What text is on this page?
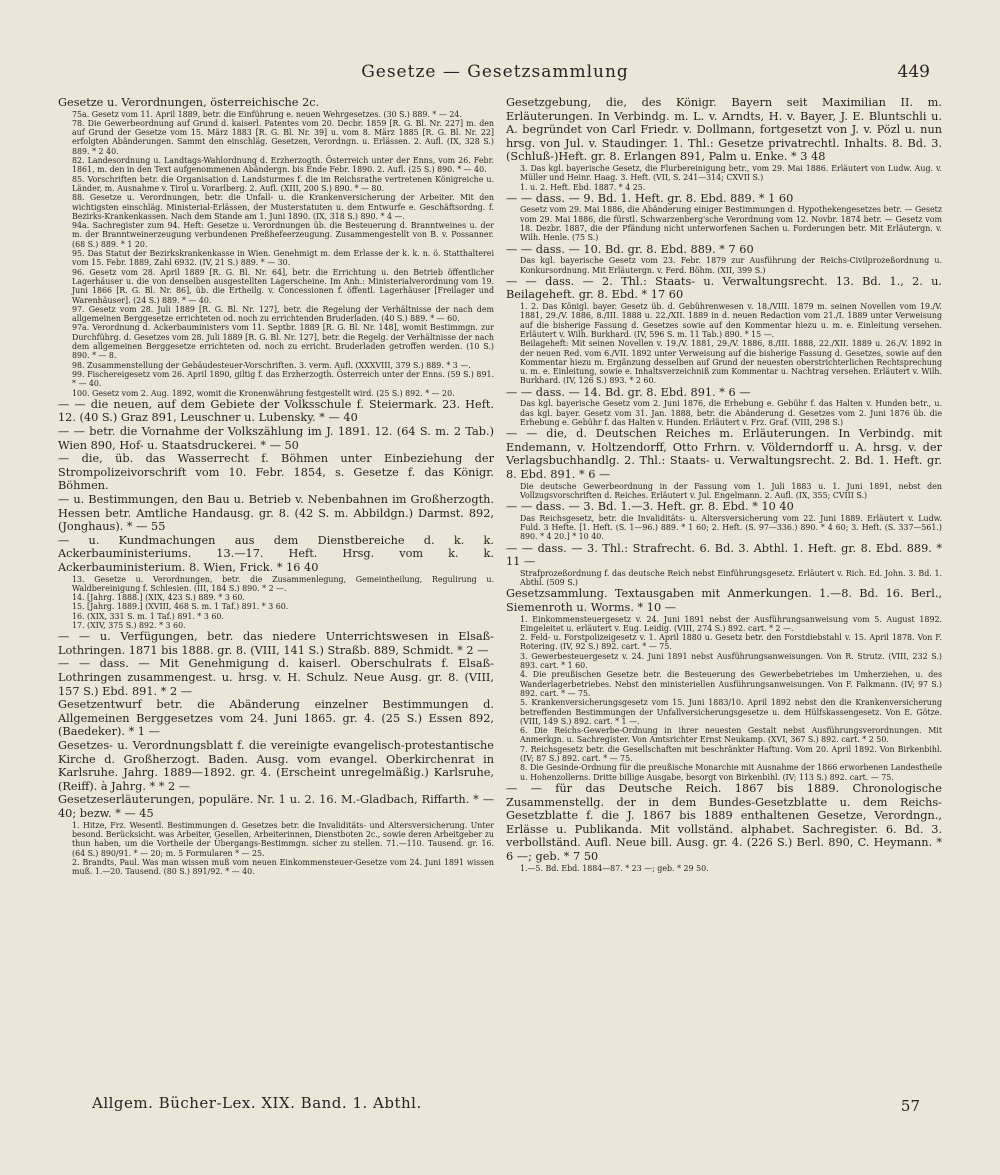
Gesetze — Gesetzsammlung	449

Gesetze u. Verordnungen, österreichische 2c.

75a. Gesetz vom 11. April 1889, betr. die Einführung e. neuen Wehrgesetzes. (30 S.) 889. * — 24.

78. Die Gewerbeordnung auf Grund d. kaiserl. Patentes vom 20. Decbr. 1859 [R. G. Bl. Nr. 227] m. den auf Grund der Gesetze vom 15. März 1883 [R. G. Bl. Nr. 39] u. vom 8. März 1885 [R. G. Bl. Nr. 22] erfolgten Abänderungen. Sammt den einschläg. Gesetzen, Verordngn. u. Erlässen. 2. Aufl. (IX, 328 S.) 889. * 2 40.

82. Landesordnung u. Landtags-Wahlordnung d. Erzherzogth. Österreich unter der Enns, vom 26. Febr. 1861, m. den in den Text aufgenommenen Abändergn. bis Ende Febr. 1890. 2. Aufl. (25 S.) 890. * — 40.

85. Vorschriften betr. die Organisation d. Landsturmes f. die im Reichsrathe vertretenen Königreiche u. Länder, m. Ausnahme v. Tirol u. Vorarlberg. 2. Aufl. (XIII, 200 S.) 890. * — 80.

88. Gesetze u. Verordnungen, betr. die Unfall- u. die Krankenversicherung der Arbeiter. Mit den wichtigsten einschläg. Ministerial-Erlässen, der Musterstatuten u. dem Entwurfe e. Geschäftsordng. f. Bezirks-Krankenkassen. Nach dem Stande am 1. Juni 1890. (IX, 318 S.) 890. * 4 —.

94a. Sachregister zum 94. Heft: Gesetze u. Verordnungen üb. die Besteuerung d. Branntweines u. der m. der Branntweinerzeugung verbundenen Preßhefeerzeugung. Zusammengestellt von B. v. Possanner. (68 S.) 889. * 1 20.

95. Das Statut der Bezirkskrankenkasse in Wien. Genehmigt m. dem Erlasse der k. k. n. ö. Statthalterei vom 15. Febr. 1889, Zahl 6932. (IV, 21 S.) 889. * — 30.

96. Gesetz vom 28. April 1889 [R. G. Bl. Nr. 64], betr. die Errichtung u. den Betrieb öffentlicher Lagerhäuser u. die von denselben ausgestellten Lagerscheine. Im Anh.: Ministerialverordnung vom 19. Juni 1866 [R. G. Bl. Nr. 86], üb. die Ertheilg. v. Concessionen f. öffentl. Lagerhäuser [Freilager und Warenhäuser]. (24 S.) 889. * — 40.

97. Gesetz vom 28. Juli 1889 [R. G. Bl. Nr. 127], betr. die Regelung der Verhältnisse der nach dem allgemeinen Berggesetze errichteten od. noch zu errichtenden Bruderladen. (40 S.) 889. * — 60.

97a. Verordnung d. Ackerbauministers vom 11. Septbr. 1889 [R. G. Bl. Nr. 148], womit Bestimmgn. zur Durchführg. d. Gesetzes vom 28. Juli 1889 [R. G. Bl. Nr. 127], betr. die Regelg. der Verhältnisse der nach dem allgemeinen Berggesetze errichteten od. noch zu erricht. Bruderladen getroffen werden. (10 S.) 890. * — 8.

98. Zusammenstellung der Gebäudesteuer-Vorschriften. 3. verm. Aufl. (XXXVIII, 379 S.) 889. * 3 —.

99. Fischereigesetz vom 26. April 1890, giltig f. das Erzherzogth. Österreich unter der Enns. (59 S.) 891. * — 40.

100. Gesetz vom 2. Aug. 1892, womit die Kronenwährung festgestellt wird. (25 S.) 892. * — 20.

— — die neuen, auf dem Gebiete der Volksschule f. Steiermark. 23. Heft. 12. (40 S.) Graz 891, Leuschner u. Lubensky. * — 40

— — betr. die Vornahme der Volkszählung im J. 1891. 12. (64 S. m. 2 Tab.) Wien 890, Hof- u. Staatsdruckerei. * — 50

— die, üb. das Wasserrecht f. Böhmen unter Einbeziehung der Strompolizeivorschrift vom 10. Febr. 1854, s. Gesetze f. das Königr. Böhmen.

— u. Bestimmungen, den Bau u. Betrieb v. Nebenbahnen im Großherzogth. Hessen betr. Amtliche Handausg. gr. 8. (42 S. m. Abbildgn.) Darmst. 892, (Jonghaus). * — 55

— u. Kundmachungen aus dem Dienstbereiche d. k. k. Ackerbauministeriums. 13.—17. Heft. Hrsg. vom k. k. Ackerbauministerium. 8. Wien, Frick. * 16 40

13. Gesetze u. Verordnungen, betr. die Zusammenlegung, Gemeintheilung, Regulirung u. Waldbereinigung f. Schlesien. (III, 184 S.) 890. * 2 —.

14. [Jahrg. 1888.] (XIX, 423 S.) 889. * 3 60.

15. [Jahrg. 1889.] (XVIII, 468 S. m. 1 Taf.) 891. * 3 60.

16. (XIX, 331 S. m. 1 Taf.) 891. * 3 60.

17. (XIV, 375 S.) 892. * 3 60.

— — u. Verfügungen, betr. das niedere Unterrichtswesen in Elsaß-Lothringen. 1871 bis 1888. gr. 8. (VIII, 141 S.) Straßb. 889, Schmidt. * 2 —

— — dass. — Mit Genehmigung d. kaiserl. Oberschulrats f. Elsaß-Lothringen zusammengest. u. hrsg. v. H. Schulz. Neue Ausg. gr. 8. (VIII, 157 S.) Ebd. 891. * 2 —

Gesetzentwurf betr. die Abänderung einzelner Bestimmungen d. Allgemeinen Berggesetzes vom 24. Juni 1865. gr. 4. (25 S.) Essen 892, (Baedeker). * 1 —

Gesetzes- u. Verordnungsblatt f. die vereinigte evangelisch-protestantische Kirche d. Großherzogt. Baden. Ausg. vom evangel. Oberkirchenrat in Karlsruhe. Jahrg. 1889—1892. gr. 4. (Erscheint unregelmäßig.) Karlsruhe, (Reiff). à Jahrg. * * 2 —

Gesetzeserläuterungen, populäre. Nr. 1 u. 2. 16. M.-Gladbach, Riffarth. * — 40; bezw. * — 45

1. Hitze, Frz. Wesentl. Bestimmungen d. Gesetzes betr. die Invaliditäts- und Altersversicherung. Unter besond. Berücksicht. was Arbeiter, Gesellen, Arbeiterinnen, Dienstboten 2c., sowie deren Arbeitgeber zu thun haben, um die Vortheile der Übergangs-Bestimmgn. sicher zu stellen. 71.—110. Tausend. gr. 16. (64 S.) 890/91. * — 20; m. 5 Formularen * — 25.

2. Brandts, Paul. Was man wissen muß vom neuen Einkommensteuer-Gesetze vom 24. Juni 1891 wissen muß. 1.—20. Tausend. (80 S.) 891/92. * — 40.

Gesetzgebung, die, des Königr. Bayern seit Maximilian II. m. Erläuterungen. In Verbindg. m. L. v. Arndts, H. v. Bayer, J. E. Bluntschli u. A. begründet von Carl Friedr. v. Dollmann, fortgesetzt von J. v. Pözl u. nun hrsg. von Jul. v. Staudinger. 1. Thl.: Gesetze privatrechtl. Inhalts. 8. Bd. 3. (Schluß-)Heft. gr. 8. Erlangen 891, Palm u. Enke. * 3 48

3. Das kgl. bayerische Gesetz, die Flurbereinigung betr., vom 29. Mai 1886. Erläutert von Ludw. Aug. v. Müller und Heinr. Haag. 3. Heft. (VII, S. 241—314; CXVII S.)

1. u. 2. Heft. Ebd. 1887. * 4 25.

— — dass. — 9. Bd. 1. Heft. gr. 8. Ebd. 889. * 1 60

Gesetz vom 29. Mai 1886, die Abänderung einiger Bestimmungen d. Hypothekengesetzes betr. — Gesetz vom 29. Mai 1886, die fürstl. Schwarzenberg'sche Verordnung vom 12. Novbr. 1874 betr. — Gesetz vom 18. Dezbr. 1887, die der Pfändung nicht unterworfenen Sachen u. Forderungen betr. Mit Erläutergn. v. Wilh. Henle. (75 S.)

— — dass. — 10. Bd. gr. 8. Ebd. 889. * 7 60

Das kgl. bayerische Gesetz vom 23. Febr. 1879 zur Ausführung der Reichs-Civilprozeßordnung u. Konkursordnung. Mit Erläutergn. v. Ferd. Böhm. (XII, 399 S.)

— — dass. — 2. Thl.: Staats- u. Verwaltungsrecht. 13. Bd. 1., 2. u. Beilageheft. gr. 8. Ebd. * 17 60

1. 2. Das Königl. bayer. Gesetz üb. d. Gebührenwesen v. 18./VIII. 1879 m. seinen Novellen vom 19./V. 1881, 29./V. 1886, 8./III. 1888 u. 22./XII. 1889 in d. neuen Redaction vom 21./I. 1889 unter Verweisung auf die bisherige Fassung d. Gesetzes sowie auf den Kommentar hiezu u. m. e. Einleitung versehen. Erläutert v. Wilh. Burkhard. (IV, 596 S. m. 11 Tab.) 890. * 15 —.

Beilageheft: Mit seinen Novellen v. 19./V. 1881, 29./V. 1886, 8./III. 1888, 22./XII. 1889 u. 26./V. 1892 in der neuen Red. vom 6./VII. 1892 unter Verweisung auf die bisherige Fassung d. Gesetzes, sowie auf den Kommentar hiezu m. Ergänzung desselben auf Grund der neuesten oberstrichterlichen Rechtsprechung u. m. e. Einleitung, sowie e. Inhaltsverzeichniß zum Kommentar u. Nachtrag versehen. Erläutert v. Wilh. Burkhard. (IV, 126 S.) 893. * 2 60.

— — dass. — 14. Bd. gr. 8. Ebd. 891. * 6 —

Das kgl. bayerische Gesetz vom 2. Juni 1876, die Erhebung e. Gebühr f. das Halten v. Hunden betr., u. das kgl. bayer. Gesetz vom 31. Jan. 1888, betr. die Abänderung d. Gesetzes vom 2. Juni 1876 üb. die Erhebung e. Gebühr f. das Halten v. Hunden. Erläutert v. Frz. Graf. (VIII, 298 S.)

— — die, d. Deutschen Reiches m. Erläuterungen. In Verbindg. mit Endemann, v. Holtzendorff, Otto Frhrn. v. Völderndorff u. A. hrsg. v. der Verlagsbuchhandlg. 2. Thl.: Staats- u. Verwaltungsrecht. 2. Bd. 1. Heft. gr. 8. Ebd. 891. * 6 —

Die deutsche Gewerbeordnung in der Fassung vom 1. Juli 1883 u. 1. Juni 1891, nebst den Vollzugsvorschriften d. Reiches. Erläutert v. Jul. Engelmann. 2. Aufl. (IX, 355; CVIII S.)

— — dass. — 3. Bd. 1.—3. Heft. gr. 8. Ebd. * 10 40

Das Reichsgesetz, betr. die Invaliditäts- u. Altersversicherung vom 22. Juni 1889. Erläutert v. Ludw. Fuld. 3 Hefte. [1. Heft. (S. 1—96.) 889. * 1 60; 2. Heft. (S. 97—336.) 890. * 4 60; 3. Heft. (S. 337—561.) 890. * 4 20.] * 10 40.

— — dass. — 3. Thl.: Strafrecht. 6. Bd. 3. Abthl. 1. Heft. gr. 8. Ebd. 889. * 11 —

Strafprozeßordnung f. das deutsche Reich nebst Einführungsgesetz. Erläutert v. Rich. Ed. John. 3. Bd. 1. Abthl. (509 S.)

Gesetzsammlung. Textausgaben mit Anmerkungen. 1.—8. Bd. 16. Berl., Siemenroth u. Worms. * 10 —

1. Einkommensteuergesetz v. 24. Juni 1891 nebst der Ausführungsanweisung vom 5. August 1892. Eingeleitet u. erläutert v. Eug. Leidig. (VIII, 274 S.) 892. cart. * 2 —.

2. Feld- u. Forstpolizeigesetz v. 1. April 1880 u. Gesetz betr. den Forstdiebstahl v. 15. April 1878. Von F. Rotering. (IV, 92 S.) 892. cart. * — 75.

3. Gewerbesteuergesetz v. 24. Juni 1891 nebst Ausführungsanweisungen. Von R. Strutz. (VIII, 232 S.) 893. cart. * 1 60.

4. Die preußischen Gesetze betr. die Besteuerung des Gewerbebetriebes im Umherziehen, u. des Wanderlagerbetriebes. Nebst den ministeriellen Ausführungsanweisungen. Von F. Falkmann. (IV; 97 S.) 892. cart. * — 75.

5. Krankenversicherungsgesetz vom 15. Juni 1883/10. April 1892 nebst den die Krankenversicherung betreffenden Bestimmungen der Unfallversicherungsgesetze u. dem Hülfskassengesetz. Von E. Götze. (VIII, 149 S.) 892. cart. * 1 —.

6. Die Reichs-Gewerbe-Ordnung in ihrer neuesten Gestalt nebst Ausführungsverordnungen. Mit Anmerkgn. u. Sachregister. Von Amtsrichter Ernst Neukamp. (XVI, 367 S.) 892. cart. * 2 50.

7. Reichsgesetz betr. die Gesellschaften mit beschränkter Haftung. Vom 20. April 1892. Von Birkenbihl. (IV; 87 S.) 892. cart. * — 75.

8. Die Gesinde-Ordnung für die preußische Monarchie mit Ausnahme der 1866 erworbenen Landestheile u. Hohenzollerns. Dritte billige Ausgabe, besorgt von Birkenbihl. (IV; 113 S.) 892. cart. — 75.

— — für das Deutsche Reich. 1867 bis 1889. Chronologische Zusammenstellg. der in dem Bundes-Gesetzblatte u. dem Reichs-Gesetzblatte f. die J. 1867 bis 1889 enthaltenen Gesetze, Verordngn., Erlässe u. Publikanda. Mit vollständ. alphabet. Sachregister. 6. Bd. 3. verbollständ. Aufl. Neue bill. Ausg. gr. 4. (226 S.) Berl. 890, C. Heymann. * 6 —; geb. * 7 50

1.—5. Bd. Ebd. 1884—87. * 23 —; geb. * 29 50.

Allgem. Bücher-Lex. XIX. Band. 1. Abthl.	57
